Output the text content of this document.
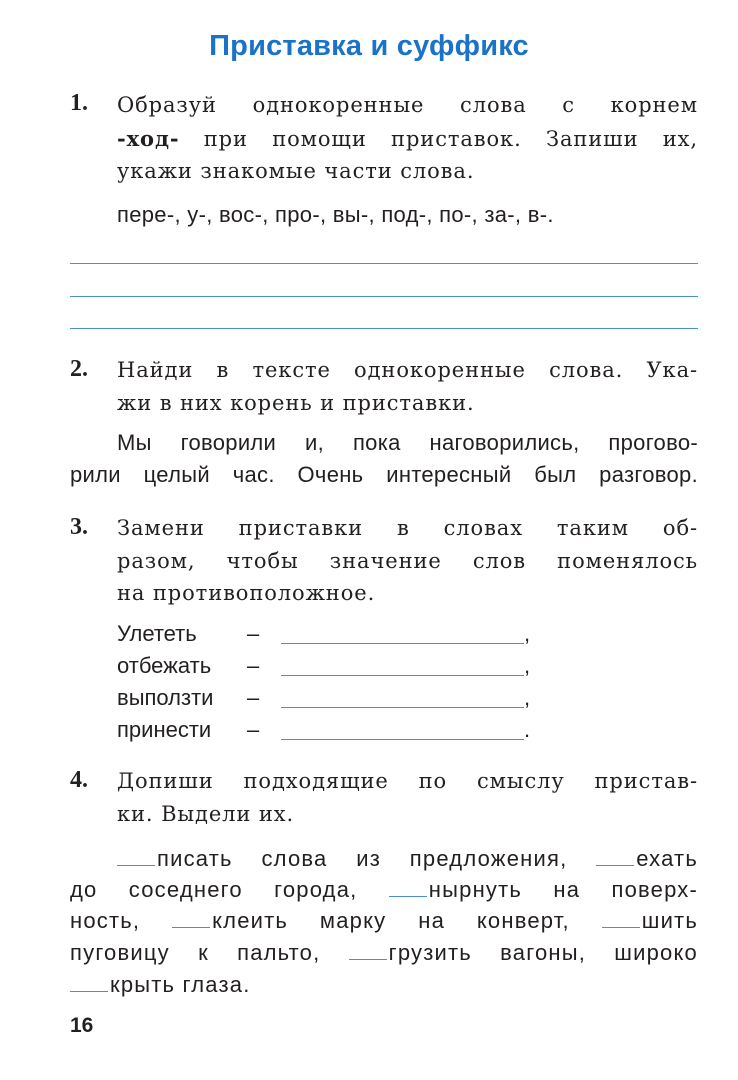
Приставка и суффикс
1. Образуй однокоренные слова с корнем
-ход- при помощи приставок. Запиши их,
укажи знакомые части слова.
пере-, у-, вос-, про-, вы-, под-, по-, за-, в-.
2. Найди в тексте однокоренные слова. Ука-
жи в них корень и приставки.
Мы говорили и, пока наговорились, прогово-
рили целый час. Очень интересный был разговор.
3. Замени приставки в словах таким об-
разом, чтобы значение слов поменялось
на противоположное.
Улететь –	,
отбежать –	,
выползти –	,
принести –	.
4. Допиши подходящие по смыслу пристав-
ки. Выдели их.
писать слова из предложения,	ехать
до соседнего города,	нырнуть на поверх-
ность,	клеить марку на конверт,	шить
пуговицу к пальто,	грузить вагоны, широко
крыть глаза.
16
